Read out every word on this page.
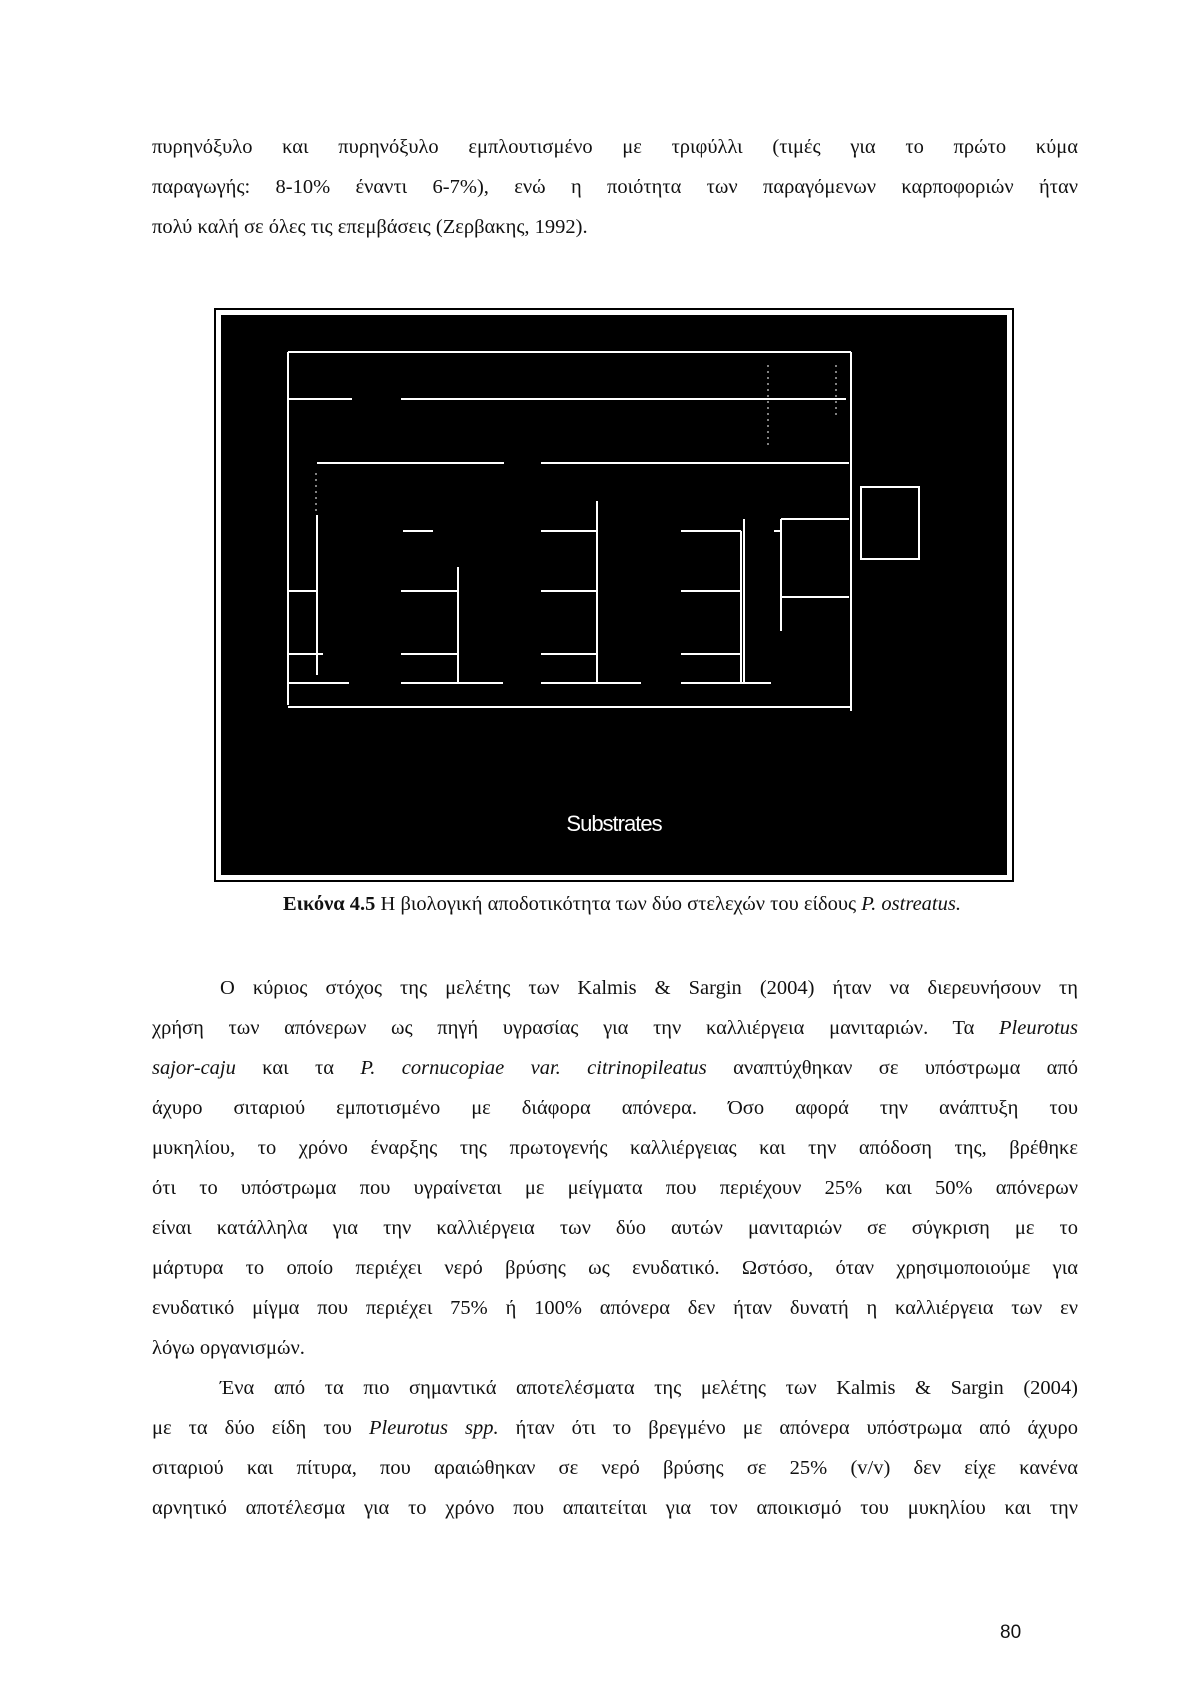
πυρηνόξυλο και πυρηνόξυλο εμπλουτισμένο με τριφύλλι (τιμές για το πρώτο κύμα
παραγωγής: 8-10% έναντι 6-7%), ενώ η ποιότητα των παραγόμενων καρποφοριών ήταν
πολύ καλή σε όλες τις επεμβάσεις (Ζερβακης, 1992).
Substrates
Εικόνα 4.5 Η βιολογική αποδοτικότητα των δύο στελεχών του είδους P. ostreatus.
Ο κύριος στόχος της μελέτης των Kalmis & Sargin (2004) ήταν να διερευνήσουν τη
χρήση των απόνερων ως πηγή υγρασίας για την καλλιέργεια μανιταριών. Τα Pleurotus
sajor-caju και τα P. cornucopiae var. citrinopileatus αναπτύχθηκαν σε υπόστρωμα από
άχυρο σιταριού εμποτισμένο με διάφορα απόνερα. Όσο αφορά την ανάπτυξη του
μυκηλίου, το χρόνο έναρξης της πρωτογενής καλλιέργειας και την απόδοση της, βρέθηκε
ότι το υπόστρωμα που υγραίνεται με μείγματα που περιέχουν 25% και 50% απόνερων
είναι κατάλληλα για την καλλιέργεια των δύο αυτών μανιταριών σε σύγκριση με το
μάρτυρα το οποίο περιέχει νερό βρύσης ως ενυδατικό. Ωστόσο, όταν χρησιμοποιούμε για
ενυδατικό μίγμα που περιέχει 75% ή 100% απόνερα δεν ήταν δυνατή η καλλιέργεια των εν
λόγω οργανισμών.
Ένα από τα πιο σημαντικά αποτελέσματα της μελέτης των Kalmis & Sargin (2004)
με τα δύο είδη του Pleurotus spp. ήταν ότι το βρεγμένο με απόνερα υπόστρωμα από άχυρο
σιταριού και πίτυρα, που αραιώθηκαν σε νερό βρύσης σε 25% (v/v) δεν είχε κανένα
αρνητικό αποτέλεσμα για το χρόνο που απαιτείται για τον αποικισμό του μυκηλίου και την
80
